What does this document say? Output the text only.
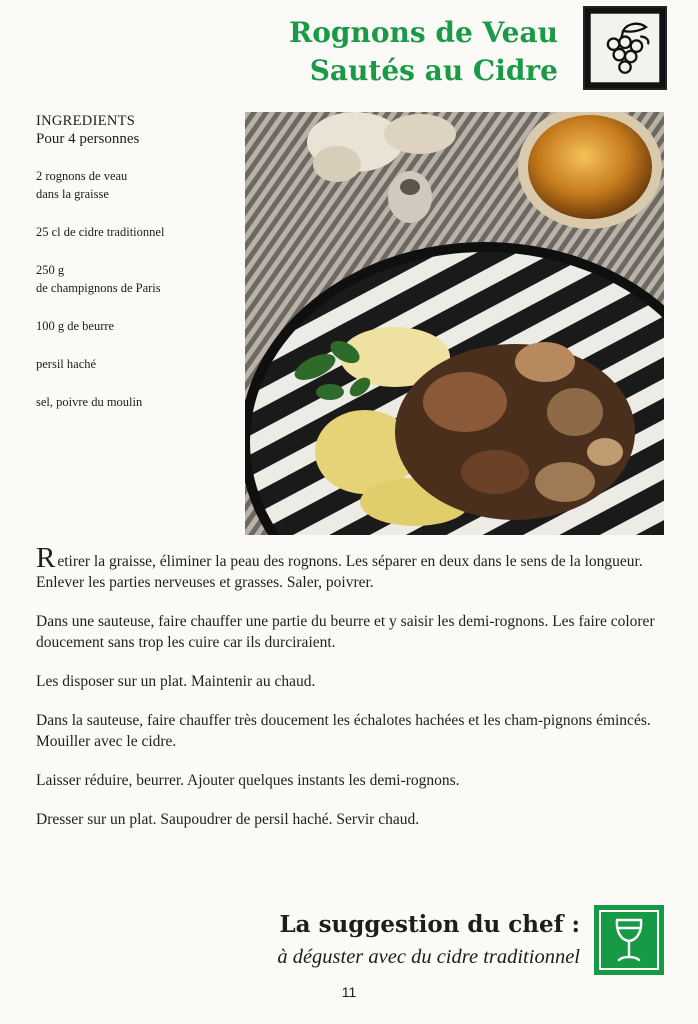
Rognons de Veau
Sautés au Cidre
INGREDIENTS
Pour 4 personnes
2 rognons de veau
dans la graisse
25 cl de cidre traditionnel
250 g
de champignons de Paris
100 g de beurre
persil haché
sel, poivre du moulin

Retirer la graisse, éliminer la peau des rognons. Les séparer en deux dans le sens de la longueur. Enlever les parties nerveuses et grasses. Saler, poivrer.

Dans une sauteuse, faire chauffer une partie du beurre et y saisir les demi-rognons. Les faire colorer doucement sans trop les cuire car ils durciraient.

Les disposer sur un plat. Maintenir au chaud.

Dans la sauteuse, faire chauffer très doucement les échalotes hachées et les cham-pignons émincés. Mouiller avec le cidre.

Laisser réduire, beurrer. Ajouter quelques instants les demi-rognons.

Dresser sur un plat. Saupoudrer de persil haché. Servir chaud.

La suggestion du chef :
à déguster avec du cidre traditionnel
11
